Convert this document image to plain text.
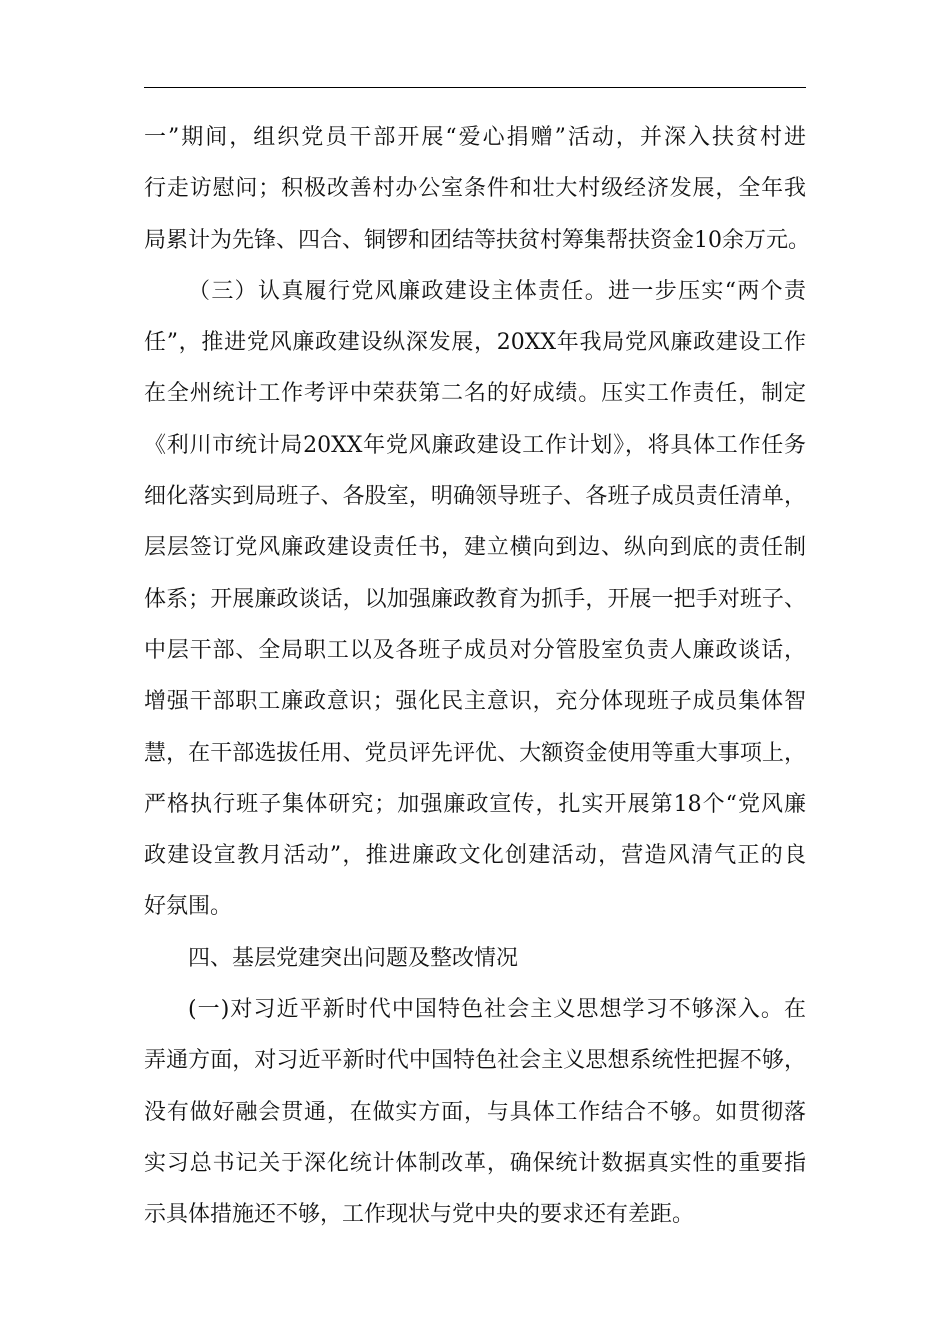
一”期间，组织党员干部开展“爱心捐赠”活动，并深入扶贫村进
行走访慰问；积极改善村办公室条件和壮大村级经济发展，全年我
局累计为先锋、四合、铜锣和团结等扶贫村筹集帮扶资金10余万元。
（三）认真履行党风廉政建设主体责任。进一步压实“两个责
任”，推进党风廉政建设纵深发展，20XX年我局党风廉政建设工作
在全州统计工作考评中荣获第二名的好成绩。压实工作责任，制定
《利川市统计局20XX年党风廉政建设工作计划》，将具体工作任务
细化落实到局班子、各股室，明确领导班子、各班子成员责任清单，
层层签订党风廉政建设责任书，建立横向到边、纵向到底的责任制
体系；开展廉政谈话，以加强廉政教育为抓手，开展一把手对班子、
中层干部、全局职工以及各班子成员对分管股室负责人廉政谈话，
增强干部职工廉政意识；强化民主意识，充分体现班子成员集体智
慧，在干部选拔任用、党员评先评优、大额资金使用等重大事项上，
严格执行班子集体研究；加强廉政宣传，扎实开展第18个“党风廉
政建设宣教月活动”，推进廉政文化创建活动，营造风清气正的良
好氛围。
四、基层党建突出问题及整改情况
(一)对习近平新时代中国特色社会主义思想学习不够深入。在
弄通方面，对习近平新时代中国特色社会主义思想系统性把握不够，
没有做好融会贯通，在做实方面，与具体工作结合不够。如贯彻落
实习总书记关于深化统计体制改革，确保统计数据真实性的重要指
示具体措施还不够，工作现状与党中央的要求还有差距。
